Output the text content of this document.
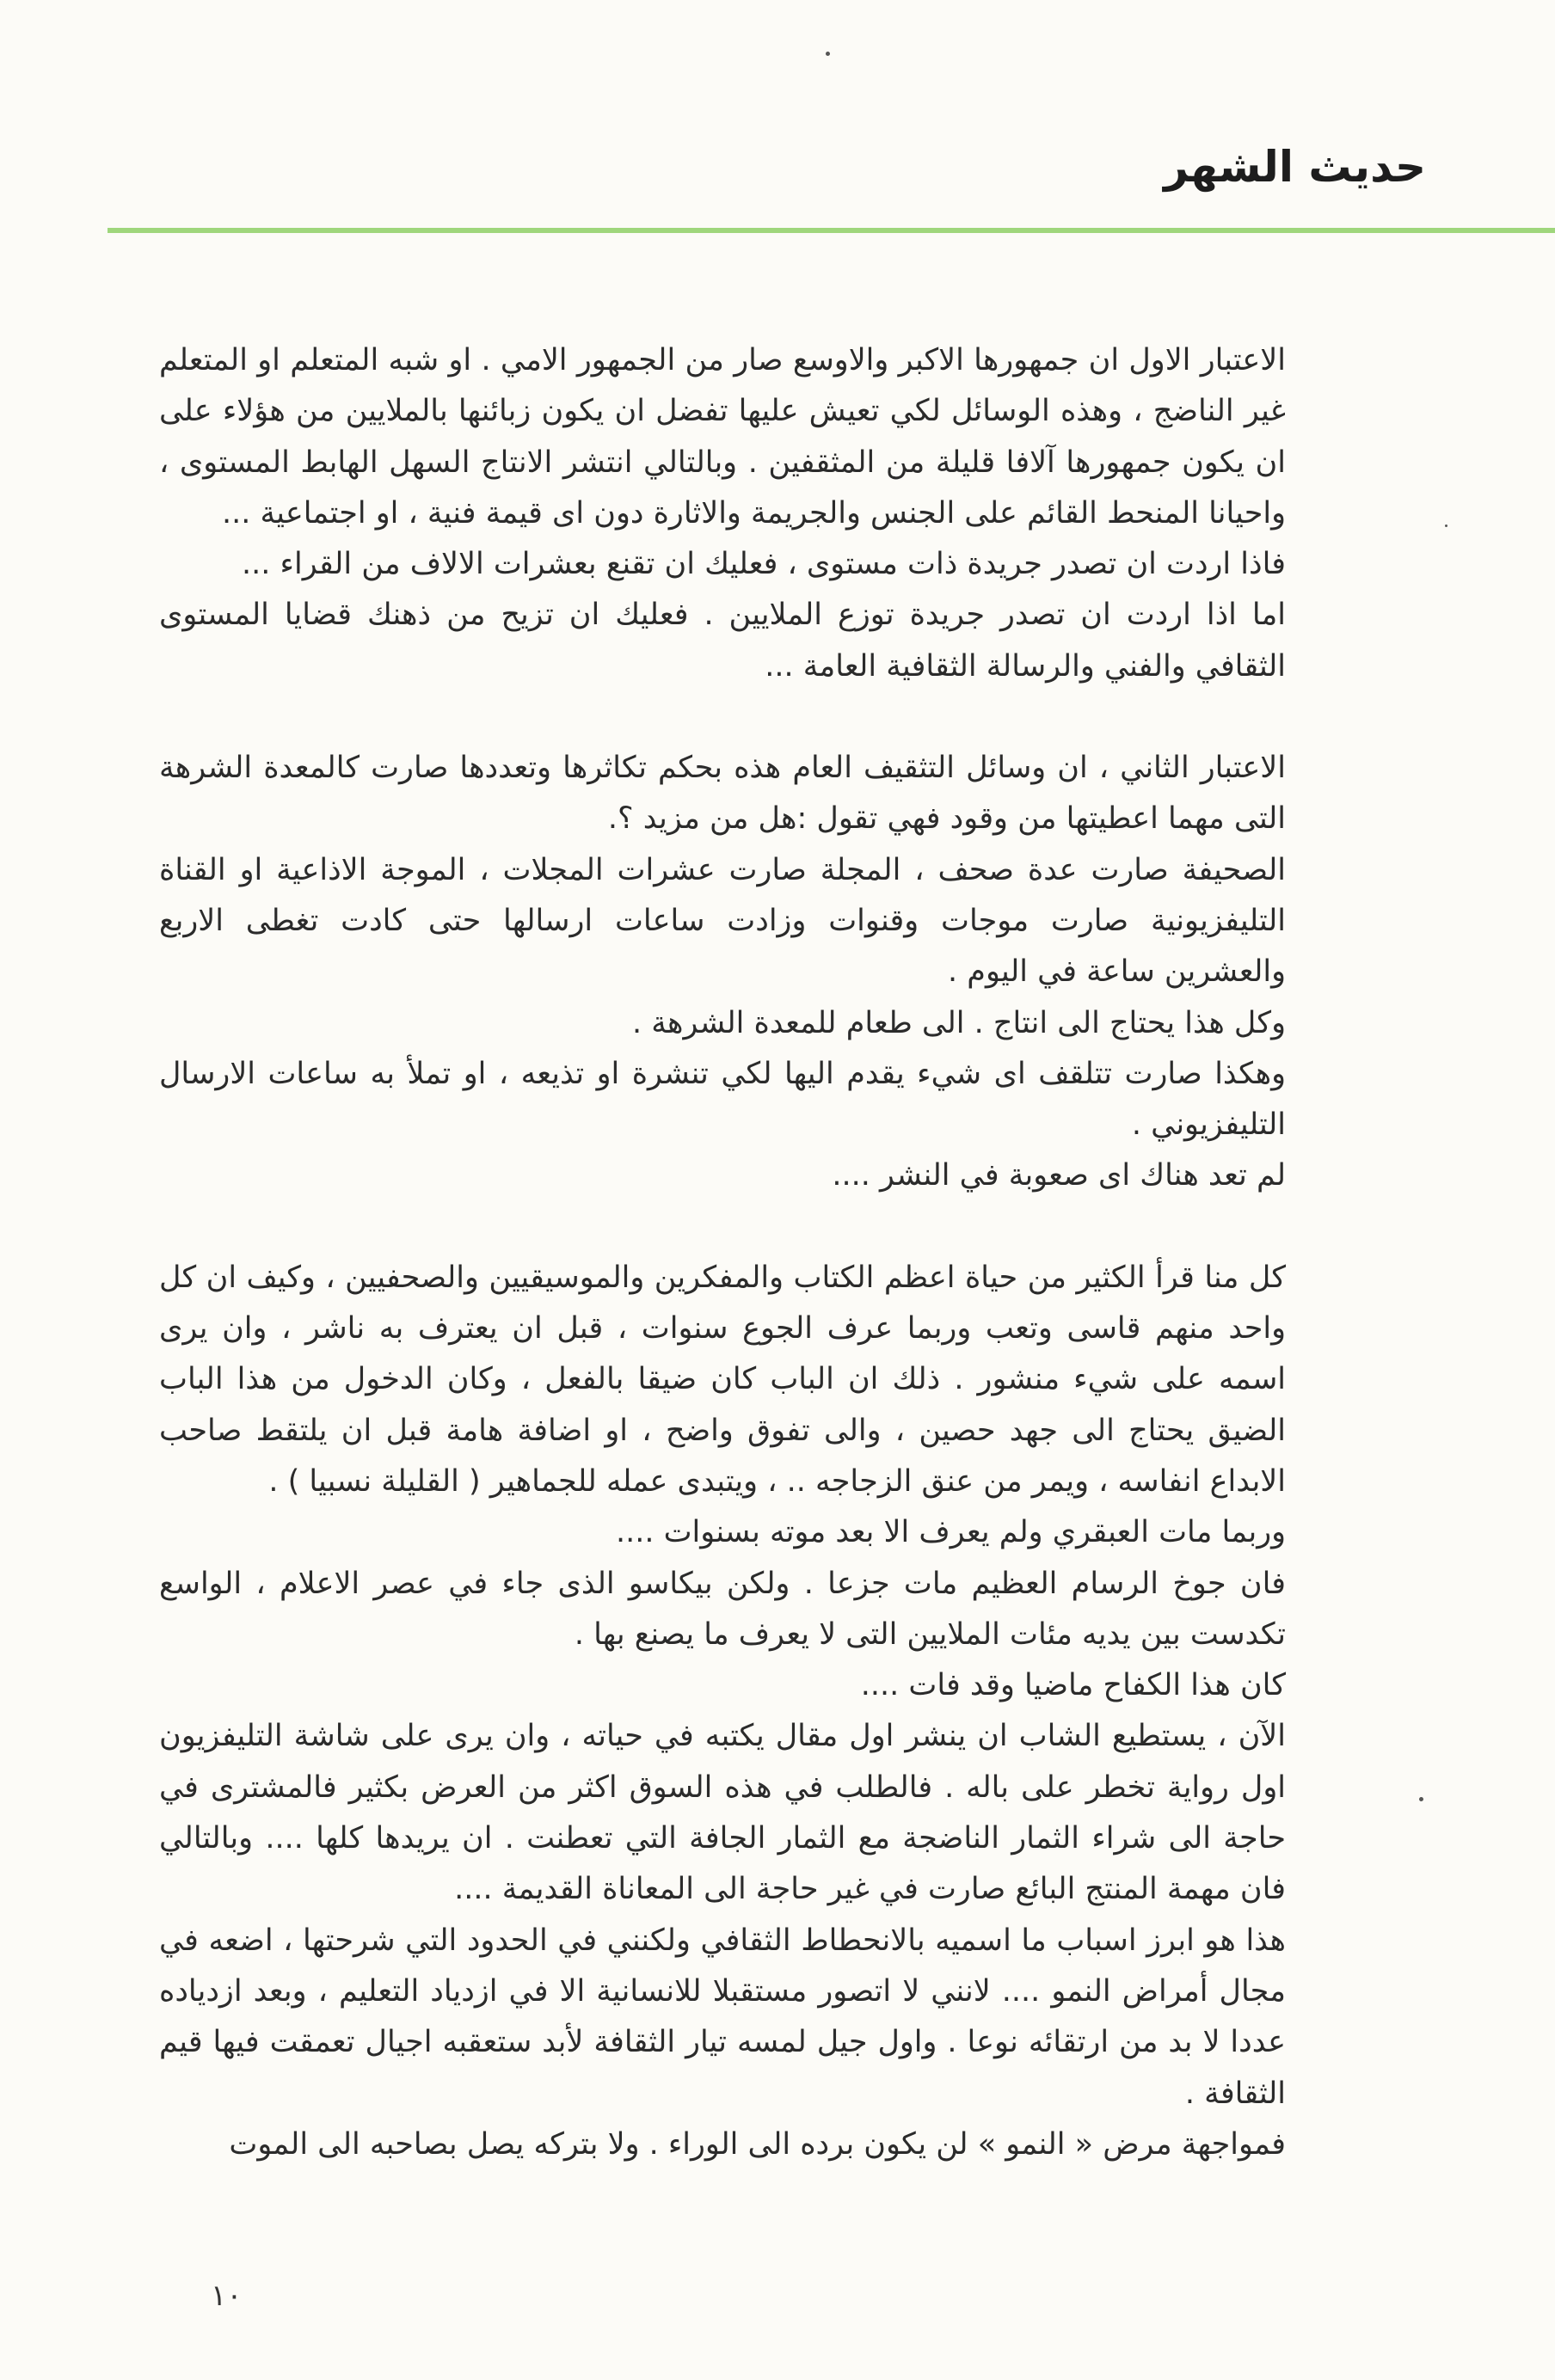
حديث الشهر

الاعتبار الاول ان جمهورها الاكبر والاوسع صار من الجمهور الامي . او شبه المتعلم او المتعلم غير الناضج ، وهذه الوسائل لكي تعيش عليها تفضل ان يكون زبائنها بالملايين من هؤلاء على ان يكون جمهورها آلافا قليلة من المثقفين . وبالتالي انتشر الانتاج السهل الهابط المستوى ، واحيانا المنحط القائم على الجنس والجريمة والاثارة دون اى قيمة فنية ، او اجتماعية ...

فاذا اردت ان تصدر جريدة ذات مستوى ، فعليك ان تقنع بعشرات الالاف من القراء ...

اما اذا اردت ان تصدر جريدة توزع الملايين . فعليك ان تزيح من ذهنك قضايا المستوى الثقافي والفني والرسالة الثقافية العامة ...

الاعتبار الثاني ، ان وسائل التثقيف العام هذه بحكم تكاثرها وتعددها صارت كالمعدة الشرهة التى مهما اعطيتها من وقود فهي تقول :هل من مزيد ؟.

الصحيفة صارت عدة صحف ، المجلة صارت عشرات المجلات ، الموجة الاذاعية او القناة التليفزيونية صارت موجات وقنوات وزادت ساعات ارسالها حتى كادت تغطى الاربع والعشرين ساعة في اليوم .

وكل هذا يحتاج الى انتاج . الى طعام للمعدة الشرهة .

وهكذا صارت تتلقف اى شيء يقدم اليها لكي تنشرة او تذيعه ، او تملأ به ساعات الارسال التليفزيوني .

لم تعد هناك اى صعوبة في النشر ....

كل منا قرأ الكثير من حياة اعظم الكتاب والمفكرين والموسيقيين والصحفيين ، وكيف ان كل واحد منهم قاسى وتعب وربما عرف الجوع سنوات ، قبل ان يعترف به ناشر ، وان يرى اسمه على شيء منشور . ذلك ان الباب كان ضيقا بالفعل ، وكان الدخول من هذا الباب الضيق يحتاج الى جهد حصين ، والى تفوق واضح ، او اضافة هامة قبل ان يلتقط صاحب الابداع انفاسه ، ويمر من عنق الزجاجه .. ، ويتبدى عمله للجماهير ( القليلة نسبيا ) .

وربما مات العبقري ولم يعرف الا بعد موته بسنوات ....

فان جوخ الرسام العظيم مات جزعا . ولكن بيكاسو الذى جاء في عصر الاعلام ، الواسع تكدست بين يديه مئات الملايين التى لا يعرف ما يصنع بها .

كان هذا الكفاح ماضيا وقد فات ....

الآن ، يستطيع الشاب ان ينشر اول مقال يكتبه في حياته ، وان يرى على شاشة التليفزيون اول رواية تخطر على باله . فالطلب في هذه السوق اكثر من العرض بكثير فالمشترى في حاجة الى شراء الثمار الناضجة مع الثمار الجافة التي تعطنت . ان يريدها كلها .... وبالتالي فان مهمة المنتج البائع صارت في غير حاجة الى المعاناة القديمة ....

هذا هو ابرز اسباب ما اسميه بالانحطاط الثقافي ولكنني في الحدود التي شرحتها ، اضعه في مجال أمراض النمو .... لانني لا اتصور مستقبلا للانسانية الا في ازدياد التعليم ، وبعد ازدياده عددا لا بد من ارتقائه نوعا . واول جيل لمسه تيار الثقافة لأبد ستعقبه اجيال تعمقت فيها قيم الثقافة .

فمواجهة مرض « النمو » لن يكون برده الى الوراء . ولا بتركه يصل بصاحبه الى الموت

١٠
